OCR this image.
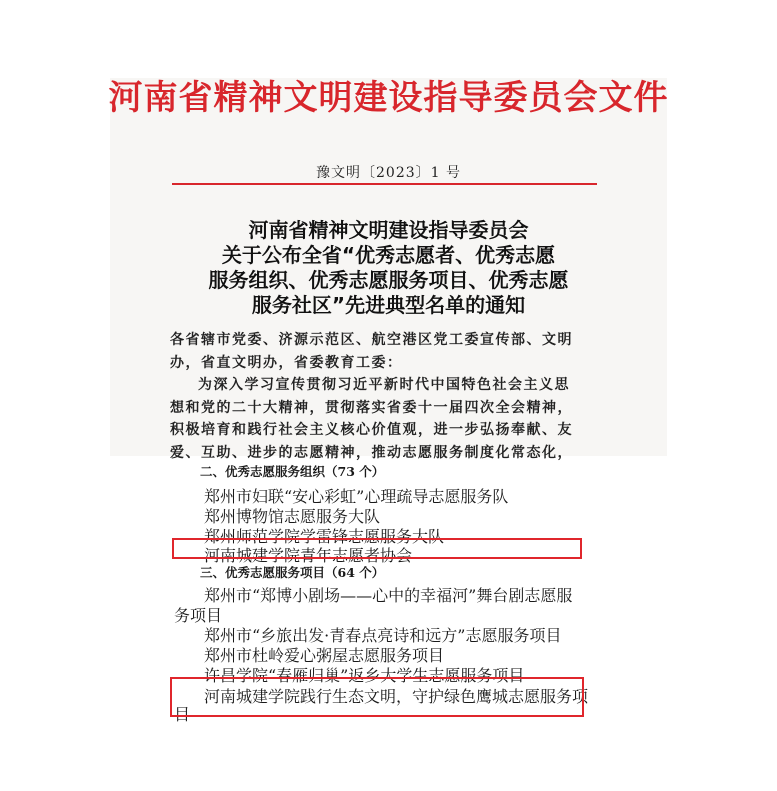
河南省精神文明建设指导委员会文件
豫文明〔2023〕1 号
河南省精神文明建设指导委员会
关于公布全省“优秀志愿者、优秀志愿
服务组织、优秀志愿服务项目、优秀志愿
服务社区”先进典型名单的通知
各省辖市党委、济源示范区、航空港区党工委宣传部、文明
办，省直文明办，省委教育工委：
为深入学习宣传贯彻习近平新时代中国特色社会主义思
想和党的二十大精神，贯彻落实省委十一届四次全会精神，
积极培育和践行社会主义核心价值观，进一步弘扬奉献、友
爱、互助、进步的志愿精神，推动志愿服务制度化常态化，
二、优秀志愿服务组织（73 个）
郑州市妇联“安心彩虹”心理疏导志愿服务队
郑州博物馆志愿服务大队
郑州师范学院学雷锋志愿服务大队
河南城建学院青年志愿者协会
三、优秀志愿服务项目（64 个）
郑州市“郑博小剧场——心中的幸福河”舞台剧志愿服
务项目
郑州市“乡旅出发·青春点亮诗和远方”志愿服务项目
郑州市杜岭爱心粥屋志愿服务项目
许昌学院“春雁归巢”返乡大学生志愿服务项目
河南城建学院践行生态文明，守护绿色鹰城志愿服务项
目
